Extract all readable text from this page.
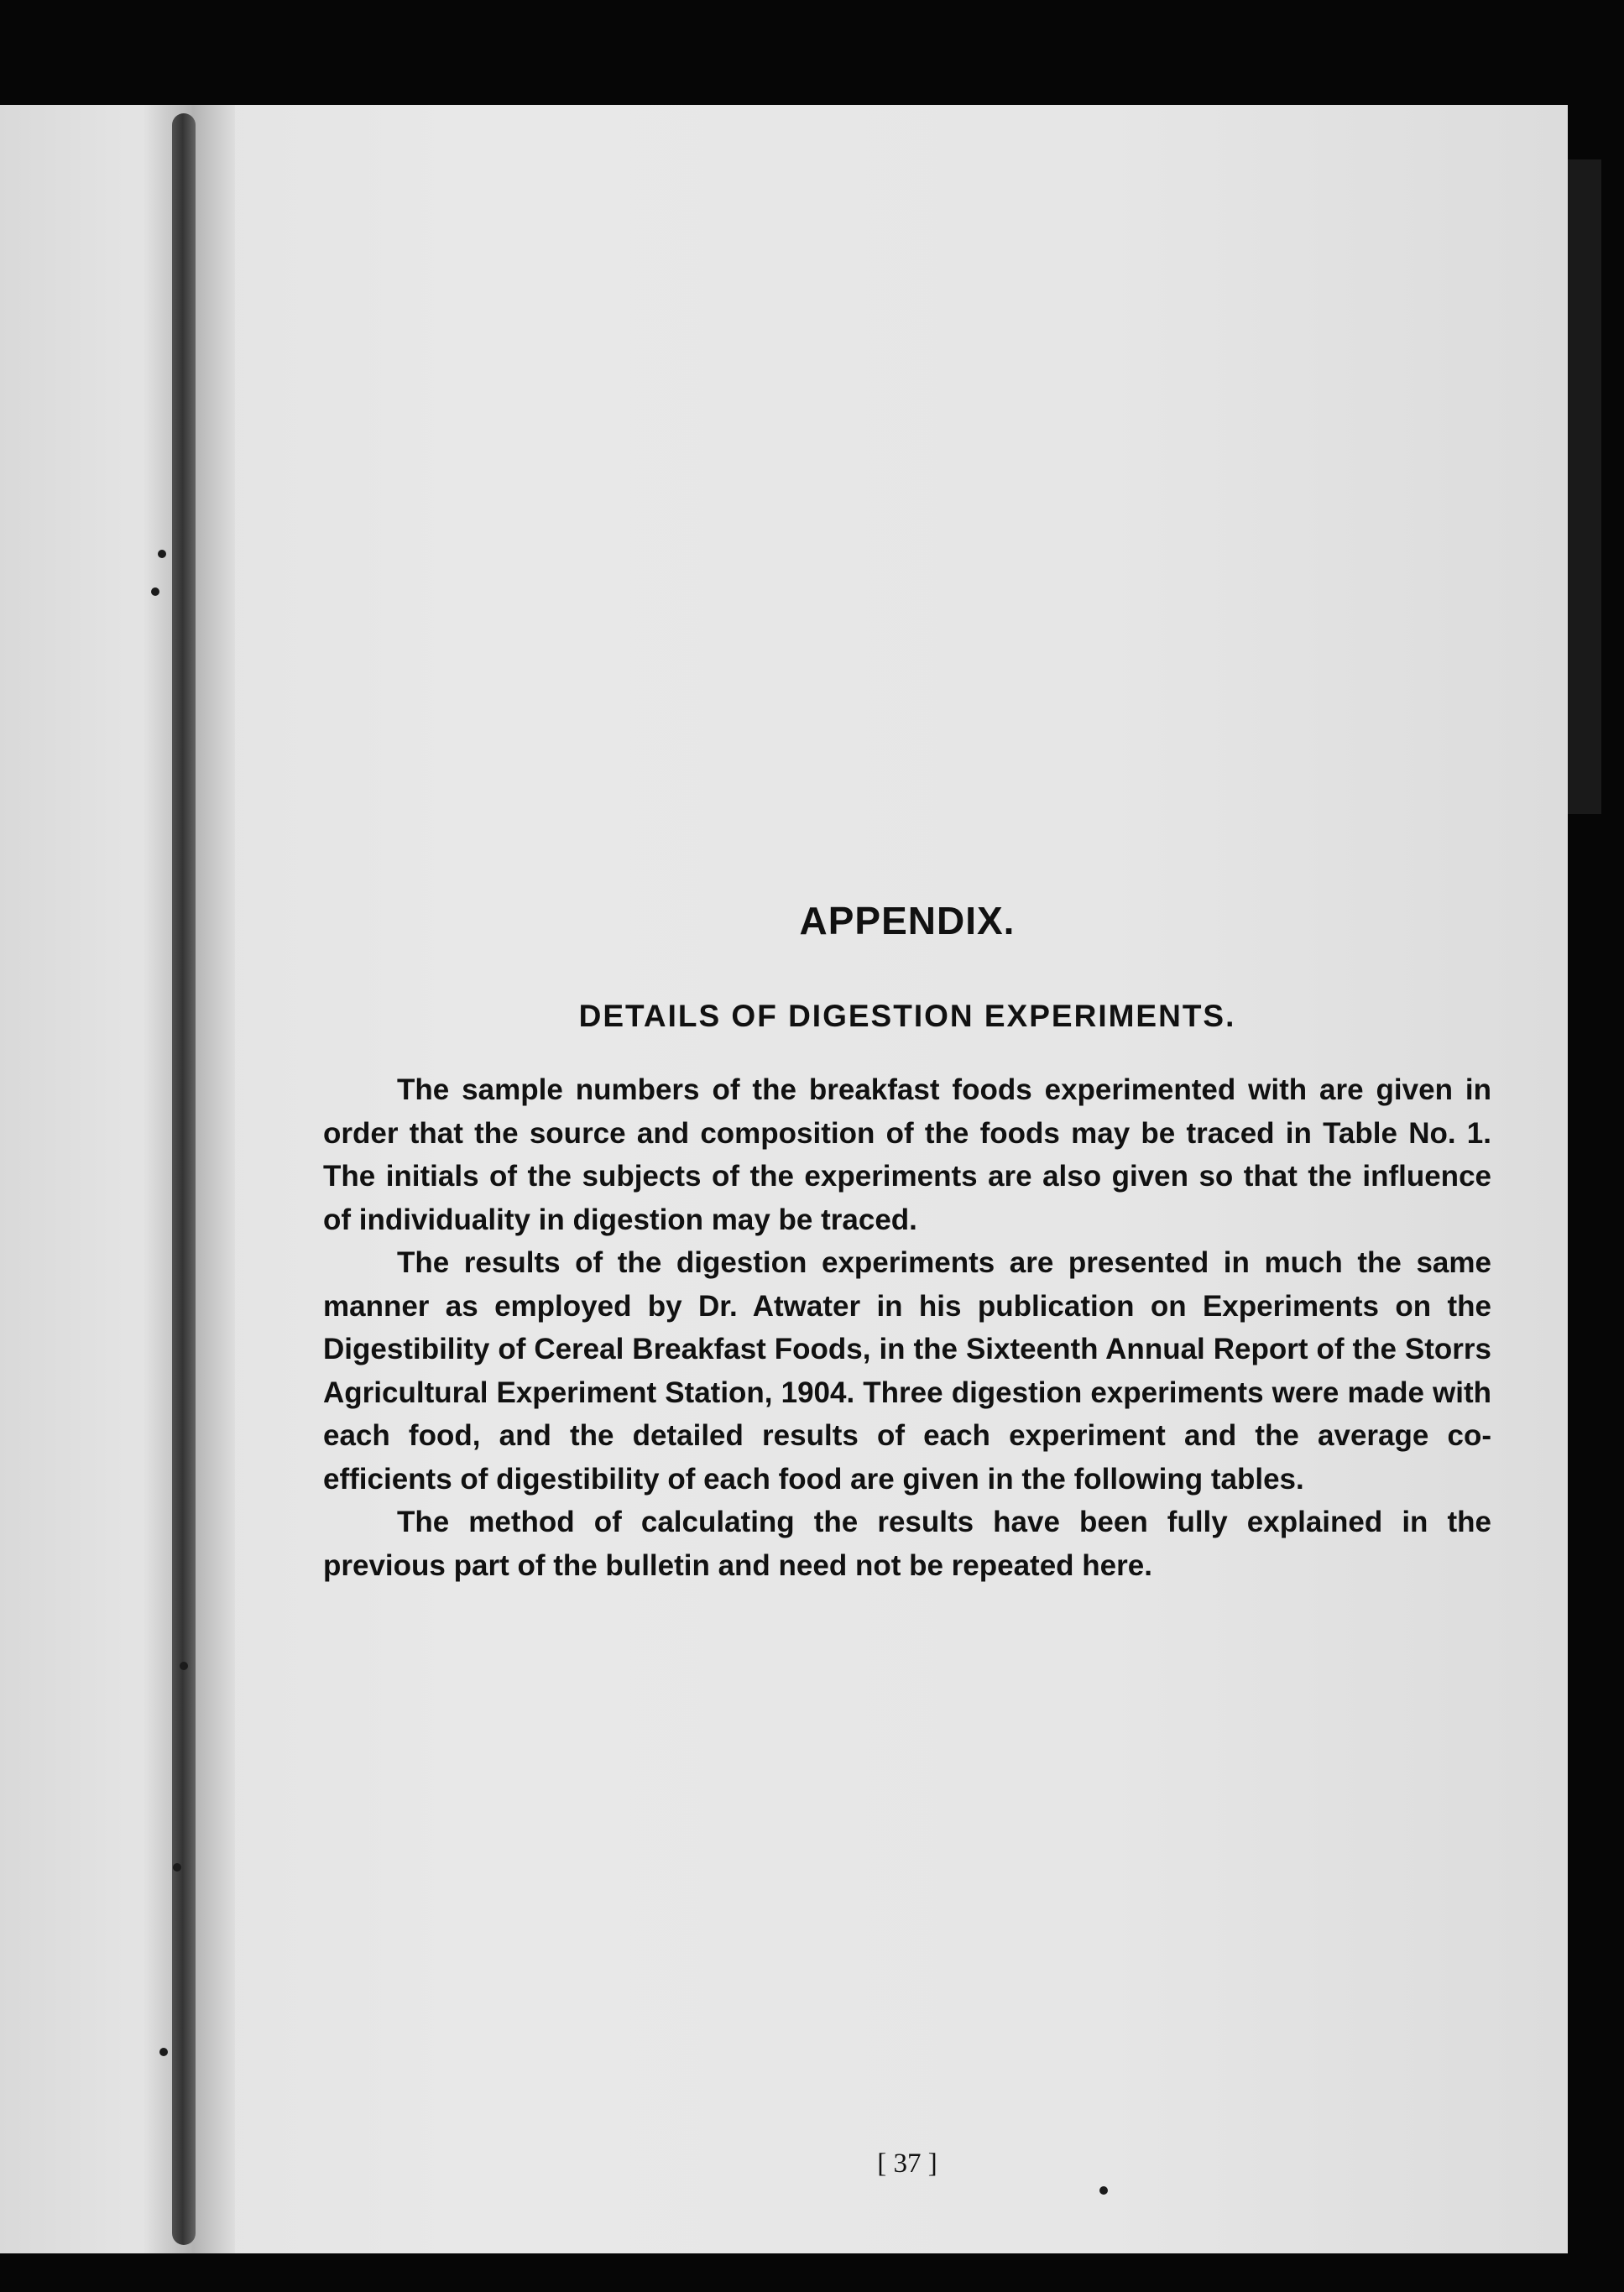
APPENDIX.
DETAILS OF DIGESTION EXPERIMENTS.

The sample numbers of the breakfast foods experimented with are given in order that the source and composition of the foods may be traced in Table No. 1. The initials of the subjects of the experiments are also given so that the influence of individuality in digestion may be traced.

The results of the digestion experiments are presented in much the same manner as employed by Dr. Atwater in his publication on Experiments on the Digestibility of Cereal Breakfast Foods, in the Sixteenth Annual Report of the Storrs Agricultural Experiment Station, 1904. Three digestion experiments were made with each food, and the detailed results of each experiment and the average co-efficients of digestibility of each food are given in the following tables.

The method of calculating the results have been fully explained in the previous part of the bulletin and need not be repeated here.

[ 37 ]
